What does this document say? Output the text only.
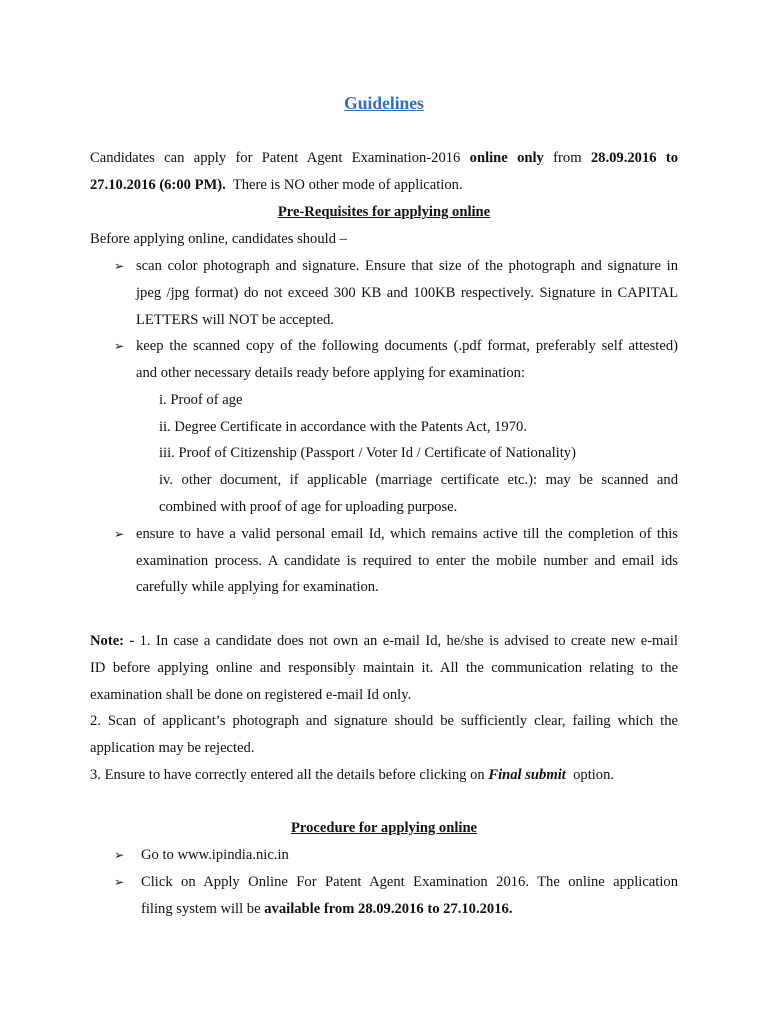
Guidelines
Candidates can apply for Patent Agent Examination-2016 online only from 28.09.2016 to
27.10.2016 (6:00 PM). There is NO other mode of application.
Pre-Requisites for applying online
Before applying online, candidates should –
➢ scan color photograph and signature. Ensure that size of the photograph and signature in
jpeg /jpg format) do not exceed 300 KB and 100KB respectively. Signature in CAPITAL
LETTERS will NOT be accepted.
➢ keep the scanned copy of the following documents (.pdf format, preferably self attested)
and other necessary details ready before applying for examination:
i. Proof of age
ii. Degree Certificate in accordance with the Patents Act, 1970.
iii. Proof of Citizenship (Passport / Voter Id / Certificate of Nationality)
iv. other document, if applicable (marriage certificate etc.): may be scanned and
combined with proof of age for uploading purpose.
➢ ensure to have a valid personal email Id, which remains active till the completion of this
examination process. A candidate is required to enter the mobile number and email ids
carefully while applying for examination.
Note: - 1. In case a candidate does not own an e-mail Id, he/she is advised to create new e-mail
ID before applying online and responsibly maintain it. All the communication relating to the
examination shall be done on registered e-mail Id only.
2. Scan of applicant’s photograph and signature should be sufficiently clear, failing which the
application may be rejected.
3. Ensure to have correctly entered all the details before clicking on Final submit option.
Procedure for applying online
➢ Go to www.ipindia.nic.in
➢ Click on Apply Online For Patent Agent Examination 2016. The online application
filing system will be available from 28.09.2016 to 27.10.2016.
